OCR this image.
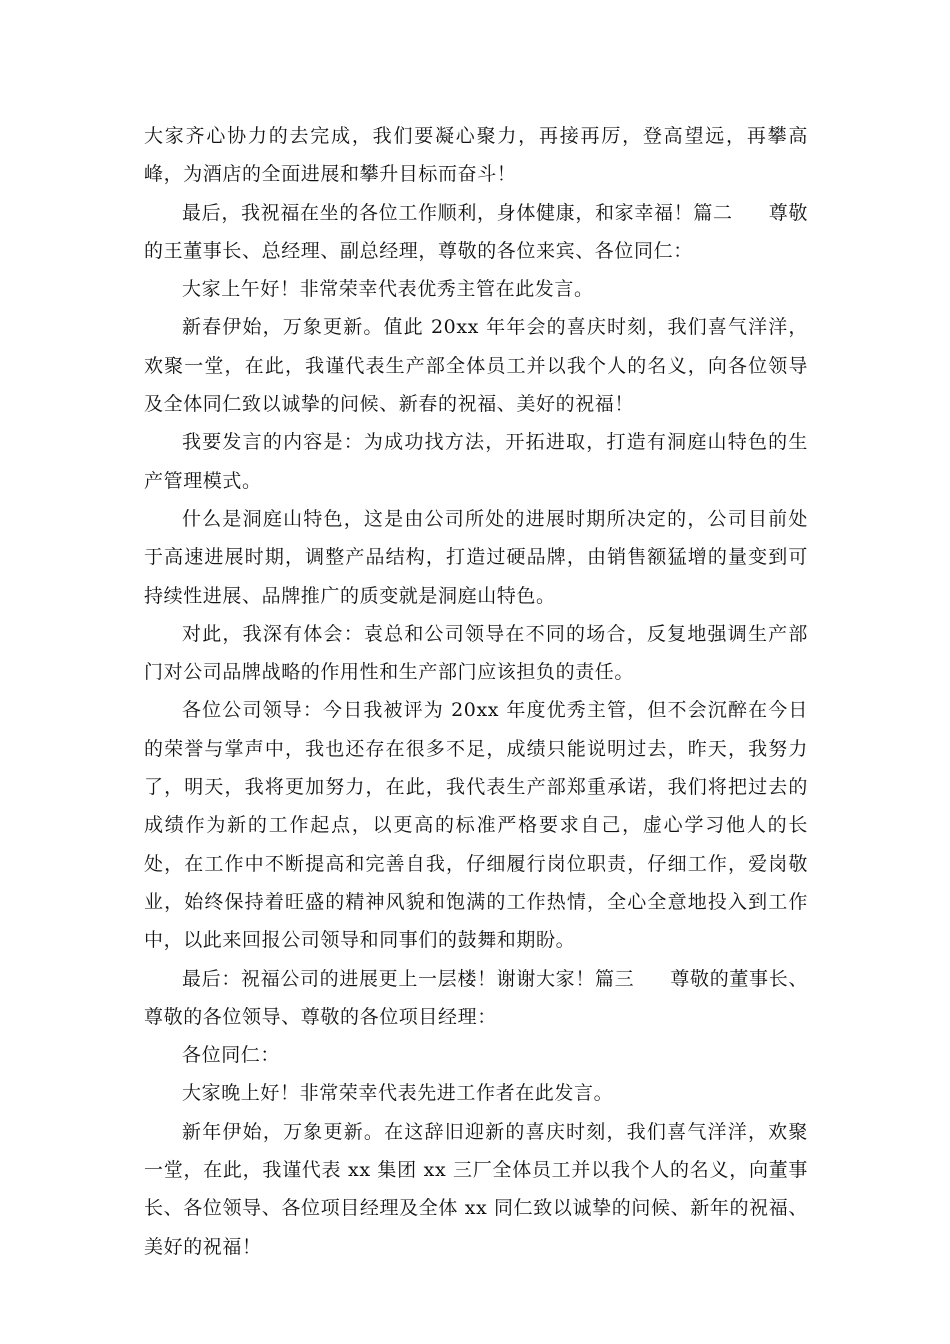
大家齐心协力的去完成，我们要凝心聚力，再接再厉，登高望远，再攀高峰，为酒店的全面进展和攀升目标而奋斗！

最后，我祝福在坐的各位工作顺利，身体健康，和家幸福！篇二 尊敬的王董事长、总经理、副总经理，尊敬的各位来宾、各位同仁：

大家上午好！非常荣幸代表优秀主管在此发言。

新春伊始，万象更新。值此 20xx 年年会的喜庆时刻，我们喜气洋洋，欢聚一堂，在此，我谨代表生产部全体员工并以我个人的名义，向各位领导及全体同仁致以诚挚的问候、新春的祝福、美好的祝福！

我要发言的内容是：为成功找方法，开拓进取，打造有洞庭山特色的生产管理模式。

什么是洞庭山特色，这是由公司所处的进展时期所决定的，公司目前处于高速进展时期，调整产品结构，打造过硬品牌，由销售额猛增的量变到可持续性进展、品牌推广的质变就是洞庭山特色。

对此，我深有体会：袁总和公司领导在不同的场合，反复地强调生产部门对公司品牌战略的作用性和生产部门应该担负的责任。

各位公司领导：今日我被评为 20xx 年度优秀主管，但不会沉醉在今日的荣誉与掌声中，我也还存在很多不足，成绩只能说明过去，昨天，我努力了，明天，我将更加努力，在此，我代表生产部郑重承诺，我们将把过去的成绩作为新的工作起点，以更高的标准严格要求自己，虚心学习他人的长处，在工作中不断提高和完善自我，仔细履行岗位职责，仔细工作，爱岗敬业，始终保持着旺盛的精神风貌和饱满的工作热情，全心全意地投入到工作中，以此来回报公司领导和同事们的鼓舞和期盼。

最后：祝福公司的进展更上一层楼！谢谢大家！篇三 尊敬的董事长、尊敬的各位领导、尊敬的各位项目经理：

各位同仁：

大家晚上好！非常荣幸代表先进工作者在此发言。

新年伊始，万象更新。在这辞旧迎新的喜庆时刻，我们喜气洋洋，欢聚一堂，在此，我谨代表 xx 集团 xx 三厂全体员工并以我个人的名义，向董事长、各位领导、各位项目经理及全体 xx 同仁致以诚挚的问候、新年的祝福、美好的祝福！
